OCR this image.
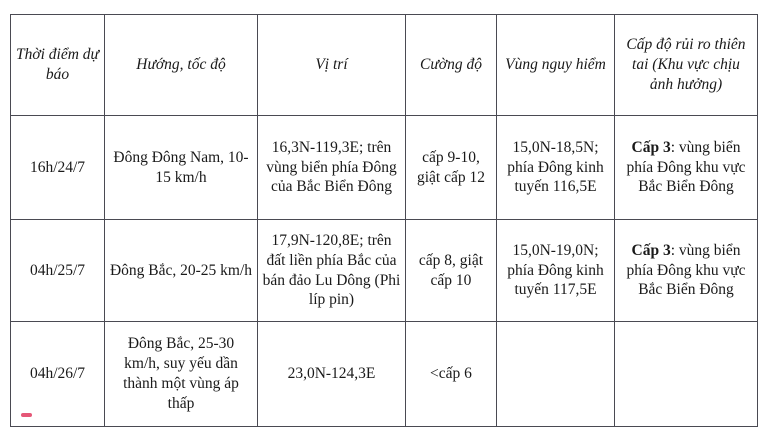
Thời điểm dự báo	Hướng, tốc độ	Vị trí	Cường độ	Vùng nguy hiểm	Cấp độ rủi ro thiên tai (Khu vực chịu ảnh hưởng)
16h/24/7	Đông Đông Nam, 10-15 km/h	16,3N-119,3E; trên vùng biển phía Đông của Bắc Biển Đông	cấp 9-10, giật cấp 12	15,0N-18,5N; phía Đông kinh tuyến 116,5E	Cấp 3: vùng biển phía Đông khu vực Bắc Biển Đông
04h/25/7	Đông Bắc, 20-25 km/h	17,9N-120,8E; trên đất liền phía Bắc của bán đảo Lu Dông (Phi líp pin)	cấp 8, giật cấp 10	15,0N-19,0N; phía Đông kinh tuyến 117,5E	Cấp 3: vùng biển phía Đông khu vực Bắc Biển Đông
04h/26/7	Đông Bắc, 25-30 km/h, suy yếu dần thành một vùng áp thấp	23,0N-124,3E	<cấp 6		
